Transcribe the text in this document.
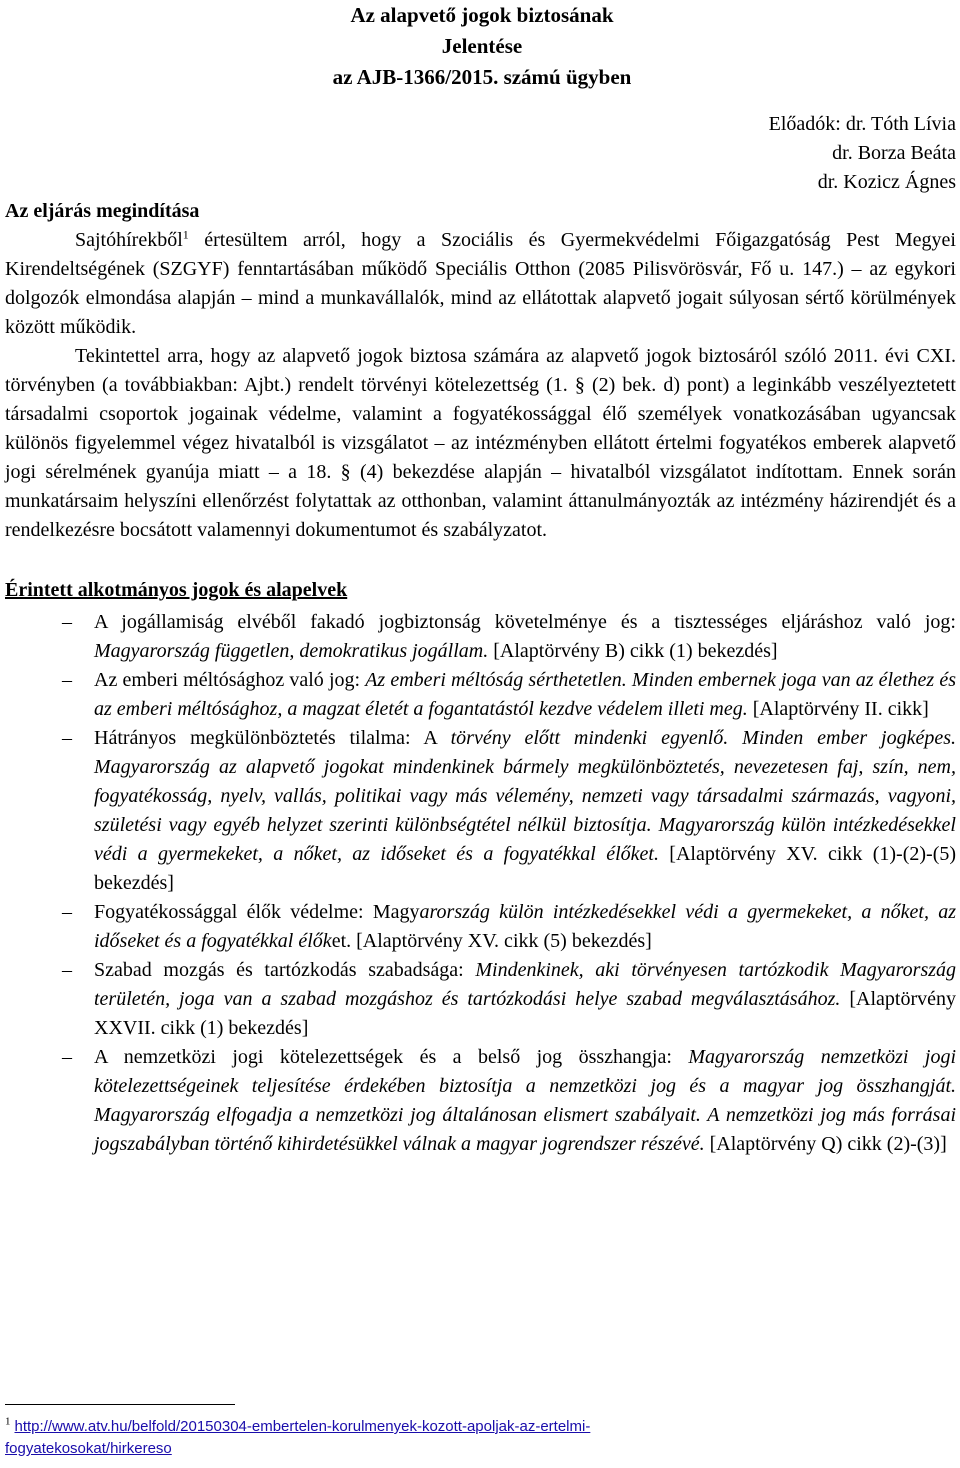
Az alapvető jogok biztosának
Jelentése
az AJB-1366/2015. számú ügyben
Előadók: dr. Tóth Lívia
dr. Borza Beáta
dr. Kozicz Ágnes
Az eljárás megindítása

Sajtóhírekből$^1$ értesültem arról, hogy a Szociális és Gyermekvédelmi Főigazgatóság Pest Megyei Kirendeltségének (SZGYF) fenntartásában működő Speciális Otthon (2085 Pilisvörösvár, Fő u. 147.) – az egykori dolgozók elmondása alapján – mind a munkavállalók, mind az ellátottak alapvető jogait súlyosan sértő körülmények között működik.

Tekintettel arra, hogy az alapvető jogok biztosa számára az alapvető jogok biztosáról szóló 2011. évi CXI. törvényben (a továbbiakban: Ajbt.) rendelt törvényi kötelezettség (1. § (2) bek. d) pont) a leginkább veszélyeztetett társadalmi csoportok jogainak védelme, valamint a fogyatékossággal élő személyek vonatkozásában ugyancsak különös figyelemmel végez hivatalból is vizsgálatot – az intézményben ellátott értelmi fogyatékos emberek alapvető jogi sérelmének gyanúja miatt – a 18. § (4) bekezdése alapján – hivatalból vizsgálatot indítottam. Ennek során munkatársaim helyszíni ellenőrzést folytattak az otthonban, valamint áttanulmányozták az intézmény házirendjét és a rendelkezésre bocsátott valamennyi dokumentumot és szabályzatot.

Érintett alkotmányos jogok és alapelvek
– A jogállamiság elvéből fakadó jogbiztonság követelménye és a tisztességes eljáráshoz való jog: Magyarország független, demokratikus jogállam. [Alaptörvény B) cikk (1) bekezdés]
– Az emberi méltósághoz való jog: Az emberi méltóság sérthetetlen. Minden embernek joga van az élethez és az emberi méltósághoz, a magzat életét a fogantatástól kezdve védelem illeti meg. [Alaptörvény II. cikk]
– Hátrányos megkülönböztetés tilalma: A törvény előtt mindenki egyenlő. Minden ember jogképes. Magyarország az alapvető jogokat mindenkinek bármely megkülönböztetés, nevezetesen faj, szín, nem, fogyatékosság, nyelv, vallás, politikai vagy más vélemény, nemzeti vagy társadalmi származás, vagyoni, születési vagy egyéb helyzet szerinti különbségtétel nélkül biztosítja. Magyarország külön intézkedésekkel védi a gyermekeket, a nőket, az időseket és a fogyatékkal élőket. [Alaptörvény XV. cikk (1)-(2)-(5) bekezdés]
– Fogyatékossággal élők védelme: Magyarország külön intézkedésekkel védi a gyermekeket, a nőket, az időseket és a fogyatékkal élőket. [Alaptörvény XV. cikk (5) bekezdés]
– Szabad mozgás és tartózkodás szabadsága: Mindenkinek, aki törvényesen tartózkodik Magyarország területén, joga van a szabad mozgáshoz és tartózkodási helye szabad megválasztásához. [Alaptörvény XXVII. cikk (1) bekezdés]
– A nemzetközi jogi kötelezettségek és a belső jog összhangja: Magyarország nemzetközi jogi kötelezettségeinek teljesítése érdekében biztosítja a nemzetközi jog és a magyar jog összhangját. Magyarország elfogadja a nemzetközi jog általánosan elismert szabályait. A nemzetközi jog más forrásai jogszabályban történő kihirdetésükkel válnak a magyar jogrendszer részévé. [Alaptörvény Q) cikk (2)-(3)]
$^1$ http://www.atv.hu/belfold/20150304-embertelen-korulmenyek-kozott-apoljak-az-ertelmi-
fogyatekosokat/hirkereso
